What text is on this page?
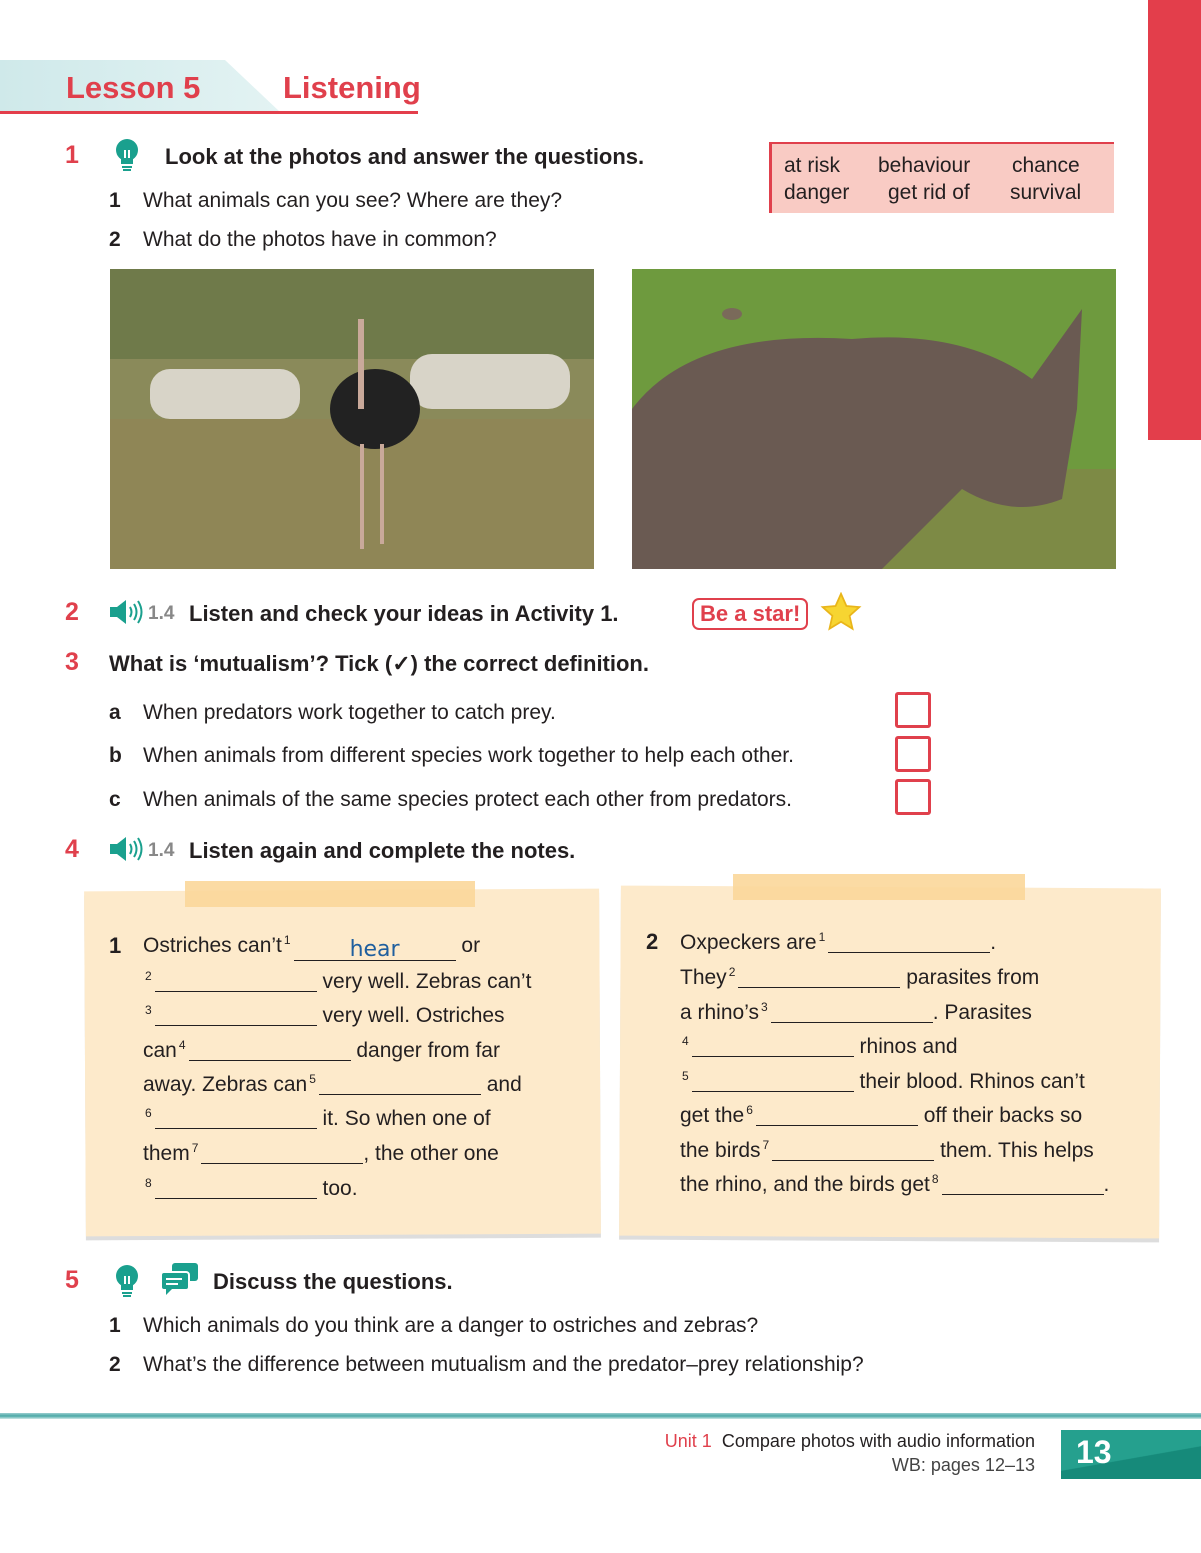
Lesson 5	Listening
1	Look at the photos and answer the questions.
1 What animals can you see? Where are they?
2 What do the photos have in common?
at risk behaviour chance
danger get rid of survival
2	1.4 Listen and check your ideas in Activity 1.	Be a star!
3 What is ‘mutualism’? Tick (✓) the correct definition.
a When predators work together to catch prey.
b When animals from different species work together to help each other.
c When animals of the same species protect each other from predators.
4	1.4 Listen again and complete the notes.
1	2
Ostriches can’t $^1$	hear	or
$^2$	very well. Zebras can’t
$^3$	very well. Ostriches
can $^4$	danger from far
away. Zebras can $^5$	and
$^6$	it. So when one of
them $^7$	, the other one
$^8$	too.
Oxpeckers are $^1$	.
They $^2$	parasites from
a rhino’s $^3$	. Parasites
$^4$	rhinos and
$^5$	their blood. Rhinos can’t
get the $^6$	off their backs so
the birds $^7$	them. This helps
the rhino, and the birds get $^8$	.
5	Discuss the questions.
1 Which animals do you think are a danger to ostriches and zebras?
2 What’s the difference between mutualism and the predator–prey relationship?
Unit 1 Compare photos with audio information
WB: pages 12–13	13
